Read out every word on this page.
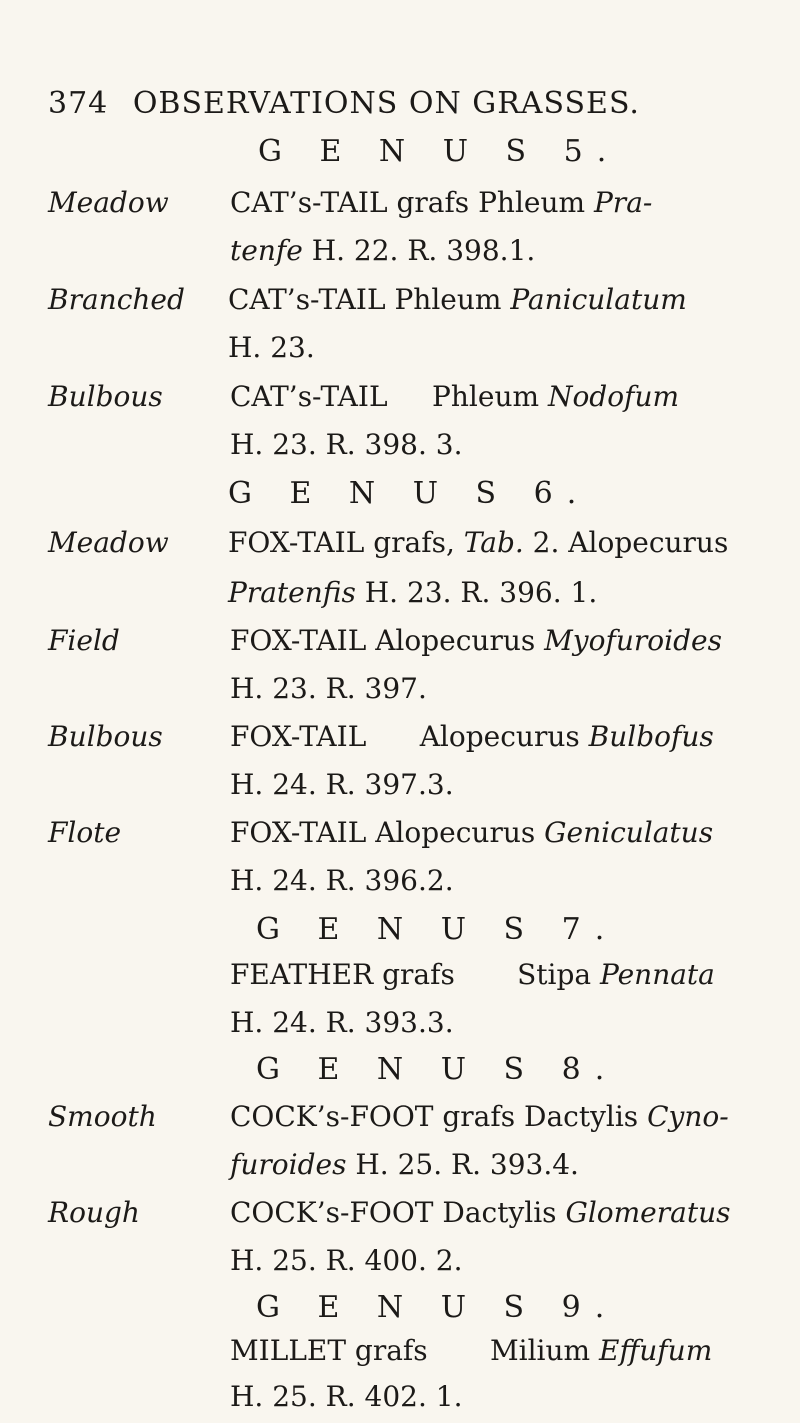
374 OBSERVATIONS ON GRASSES.
G E N U S 5.
Meadow CAT’s-TAIL grafs Phleum Pra-
tenfe H. 22. R. 398.1.
Branched CAT’s-TAIL Phleum Paniculatum
H. 23.
Bulbous CAT’s-TAIL     Phleum Nodofum
H. 23. R. 398. 3.
G E N U S 6.
Meadow FOX-TAIL grafs, Tab. 2. Alopecurus
Pratenfis H. 23. R. 396. 1.
Field	FOX-TAIL Alopecurus Myofuroides
H. 23. R. 397.
Bulbous FOX-TAIL      Alopecurus Bulbofus
H. 24. R. 397.3.
Flote	FOX-TAIL Alopecurus Geniculatus
H. 24. R. 396.2.
G E N U S 7.
FEATHER grafs       Stipa Pennata
H. 24. R. 393.3.
G E N U S 8.
Smooth	COCK’s-FOOT grafs Dactylis Cyno-
furoides H. 25. R. 393.4.
Rough	COCK’s-FOOT Dactylis Glomeratus
H. 25. R. 400. 2.
G E N U S 9.
MILLET grafs       Milium Effufum
H. 25. R. 402. 1.
